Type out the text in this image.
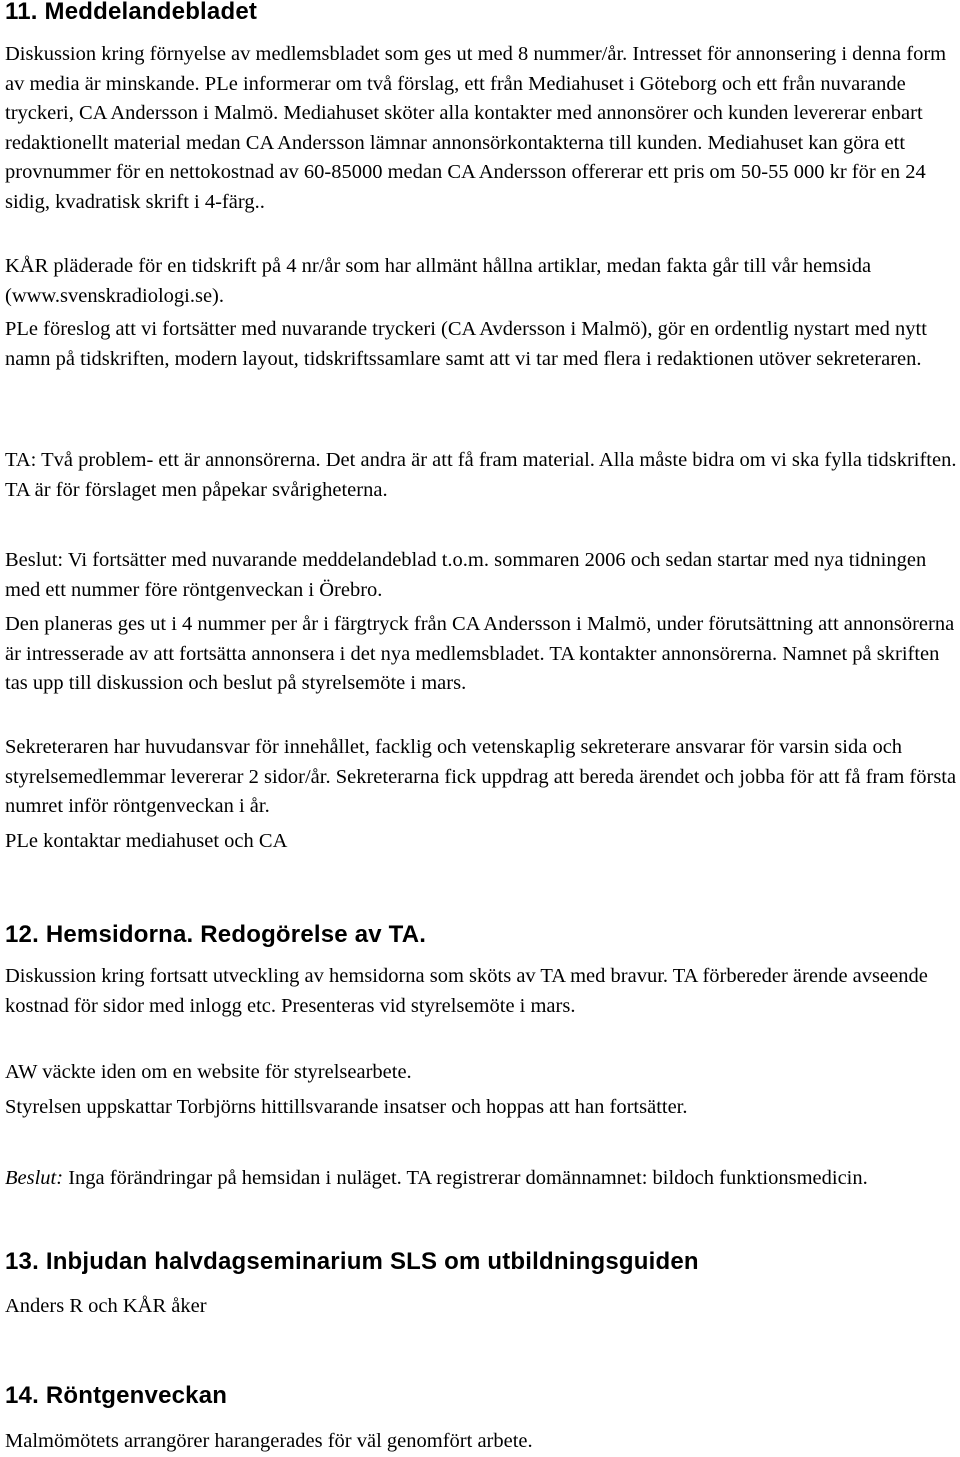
11. Meddelandebladet

Diskussion kring förnyelse av medlemsbladet som ges ut med 8 nummer/år. Intresset för annonsering i denna form av media är minskande. PLe informerar om två förslag, ett från Mediahuset i Göteborg och ett från nuvarande tryckeri, CA Andersson i Malmö. Mediahuset sköter alla kontakter med annonsörer och kunden levererar enbart redaktionellt material medan CA Andersson lämnar annonsörkontakterna till kunden. Mediahuset kan göra ett provnummer för en nettokostnad av 60-85000 medan CA Andersson offererar ett pris om 50-55 000 kr för en 24 sidig, kvadratisk skrift i 4-färg..

KÅR pläderade för en tidskrift på 4 nr/år som har allmänt hållna artiklar, medan fakta går till vår hemsida (www.svenskradiologi.se).

PLe föreslog att vi fortsätter med nuvarande tryckeri (CA Avdersson i Malmö), gör en ordentlig nystart med nytt namn på tidskriften, modern layout, tidskriftssamlare samt att vi tar med flera i redaktionen utöver sekreteraren.

TA: Två problem- ett är annonsörerna. Det andra är att få fram material. Alla måste bidra om vi ska fylla tidskriften. TA är för förslaget men påpekar svårigheterna.

Beslut: Vi fortsätter med nuvarande meddelandeblad t.o.m. sommaren 2006 och sedan startar med nya tidningen med ett nummer före röntgenveckan i Örebro.

Den planeras ges ut i 4 nummer per år i färgtryck från CA Andersson i Malmö, under förutsättning att annonsörerna är intresserade av att fortsätta annonsera i det nya medlemsbladet. TA kontakter annonsörerna. Namnet på skriften tas upp till diskussion och beslut på styrelsemöte i mars.

Sekreteraren har huvudansvar för innehållet, facklig och vetenskaplig sekreterare ansvarar för varsin sida och styrelsemedlemmar levererar 2 sidor/år. Sekreterarna fick uppdrag att bereda ärendet och jobba för att få fram första numret inför röntgenveckan i år.

PLe kontaktar mediahuset och CA

12. Hemsidorna. Redogörelse av TA.

Diskussion kring fortsatt utveckling av hemsidorna som sköts av TA med bravur. TA förbereder ärende avseende kostnad för sidor med inlogg etc. Presenteras vid styrelsemöte i mars.

AW väckte iden om en website för styrelsearbete.

Styrelsen uppskattar Torbjörns hittillsvarande insatser och hoppas att han fortsätter.

Beslut: Inga förändringar på hemsidan i nuläget. TA registrerar domännamnet: bildoch funktionsmedicin.

13. Inbjudan halvdagseminarium SLS om utbildningsguiden

Anders R och KÅR åker

14. Röntgenveckan

Malmömötets arrangörer harangerades för väl genomfört arbete.
